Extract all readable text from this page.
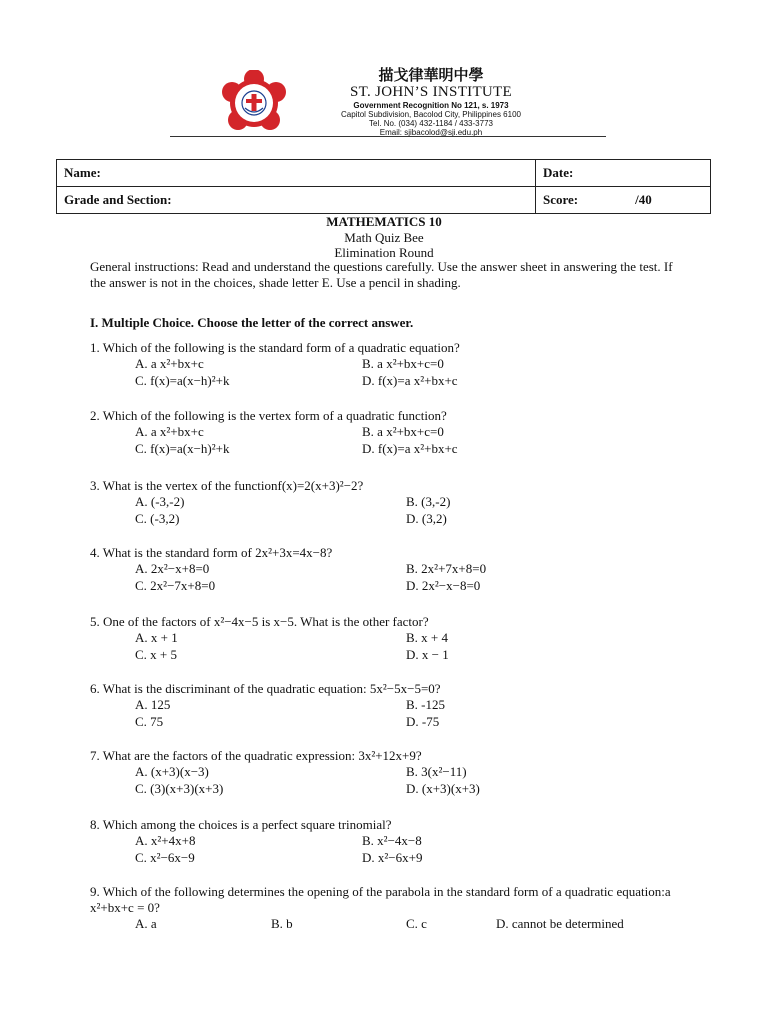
描戈律華明中學
ST. JOHN’S INSTITUTE
Government Recognition No 121, s. 1973
Capitol Subdivision, Bacolod City, Philippines 6100
Tel. No. (034) 432-1184 / 433-3773
Email: sjibacolod@sji.edu.ph
Name:	Date:
Grade and Section:	Score: /40
MATHEMATICS 10
Math Quiz Bee
Elimination Round
General instructions: Read and understand the questions carefully. Use the answer sheet in answering the test. If the answer is not in the choices, shade letter E. Use a pencil in shading.
I. Multiple Choice. Choose the letter of the correct answer.
1. Which of the following is the standard form of a quadratic equation?
A. a x²+bx+c	B. a x²+bx+c=0
C. f(x)=a(x−h)²+k	D. f(x)=a x²+bx+c
2. Which of the following is the vertex form of a quadratic function?
A. a x²+bx+c	B. a x²+bx+c=0
C. f(x)=a(x−h)²+k	D. f(x)=a x²+bx+c
3. What is the vertex of the functionf(x)=2(x+3)²−2?
A. (-3,-2)	B. (3,-2)
C. (-3,2)	D. (3,2)
4. What is the standard form of 2x²+3x=4x−8?
A. 2x²−x+8=0	B. 2x²+7x+8=0
C. 2x²−7x+8=0	D. 2x²−x−8=0
5. One of the factors of x²−4x−5 is x−5. What is the other factor?
A. x + 1	B. x + 4
C. x + 5	D. x − 1
6. What is the discriminant of the quadratic equation: 5x²−5x−5=0?
A. 125	B. -125
C. 75	D. -75
7. What are the factors of the quadratic expression: 3x²+12x+9?
A. (x+3)(x−3)	B. 3(x²−11)
C. (3)(x+3)(x+3)	D. (x+3)(x+3)
8. Which among the choices is a perfect square trinomial?
A. x²+4x+8	B. x²−4x−8
C. x²−6x−9	D. x²−6x+9
9. Which of the following determines the opening of the parabola in the standard form of a quadratic equation:a x²+bx+c = 0?
A. a	B. b	C. c	D. cannot be determined
